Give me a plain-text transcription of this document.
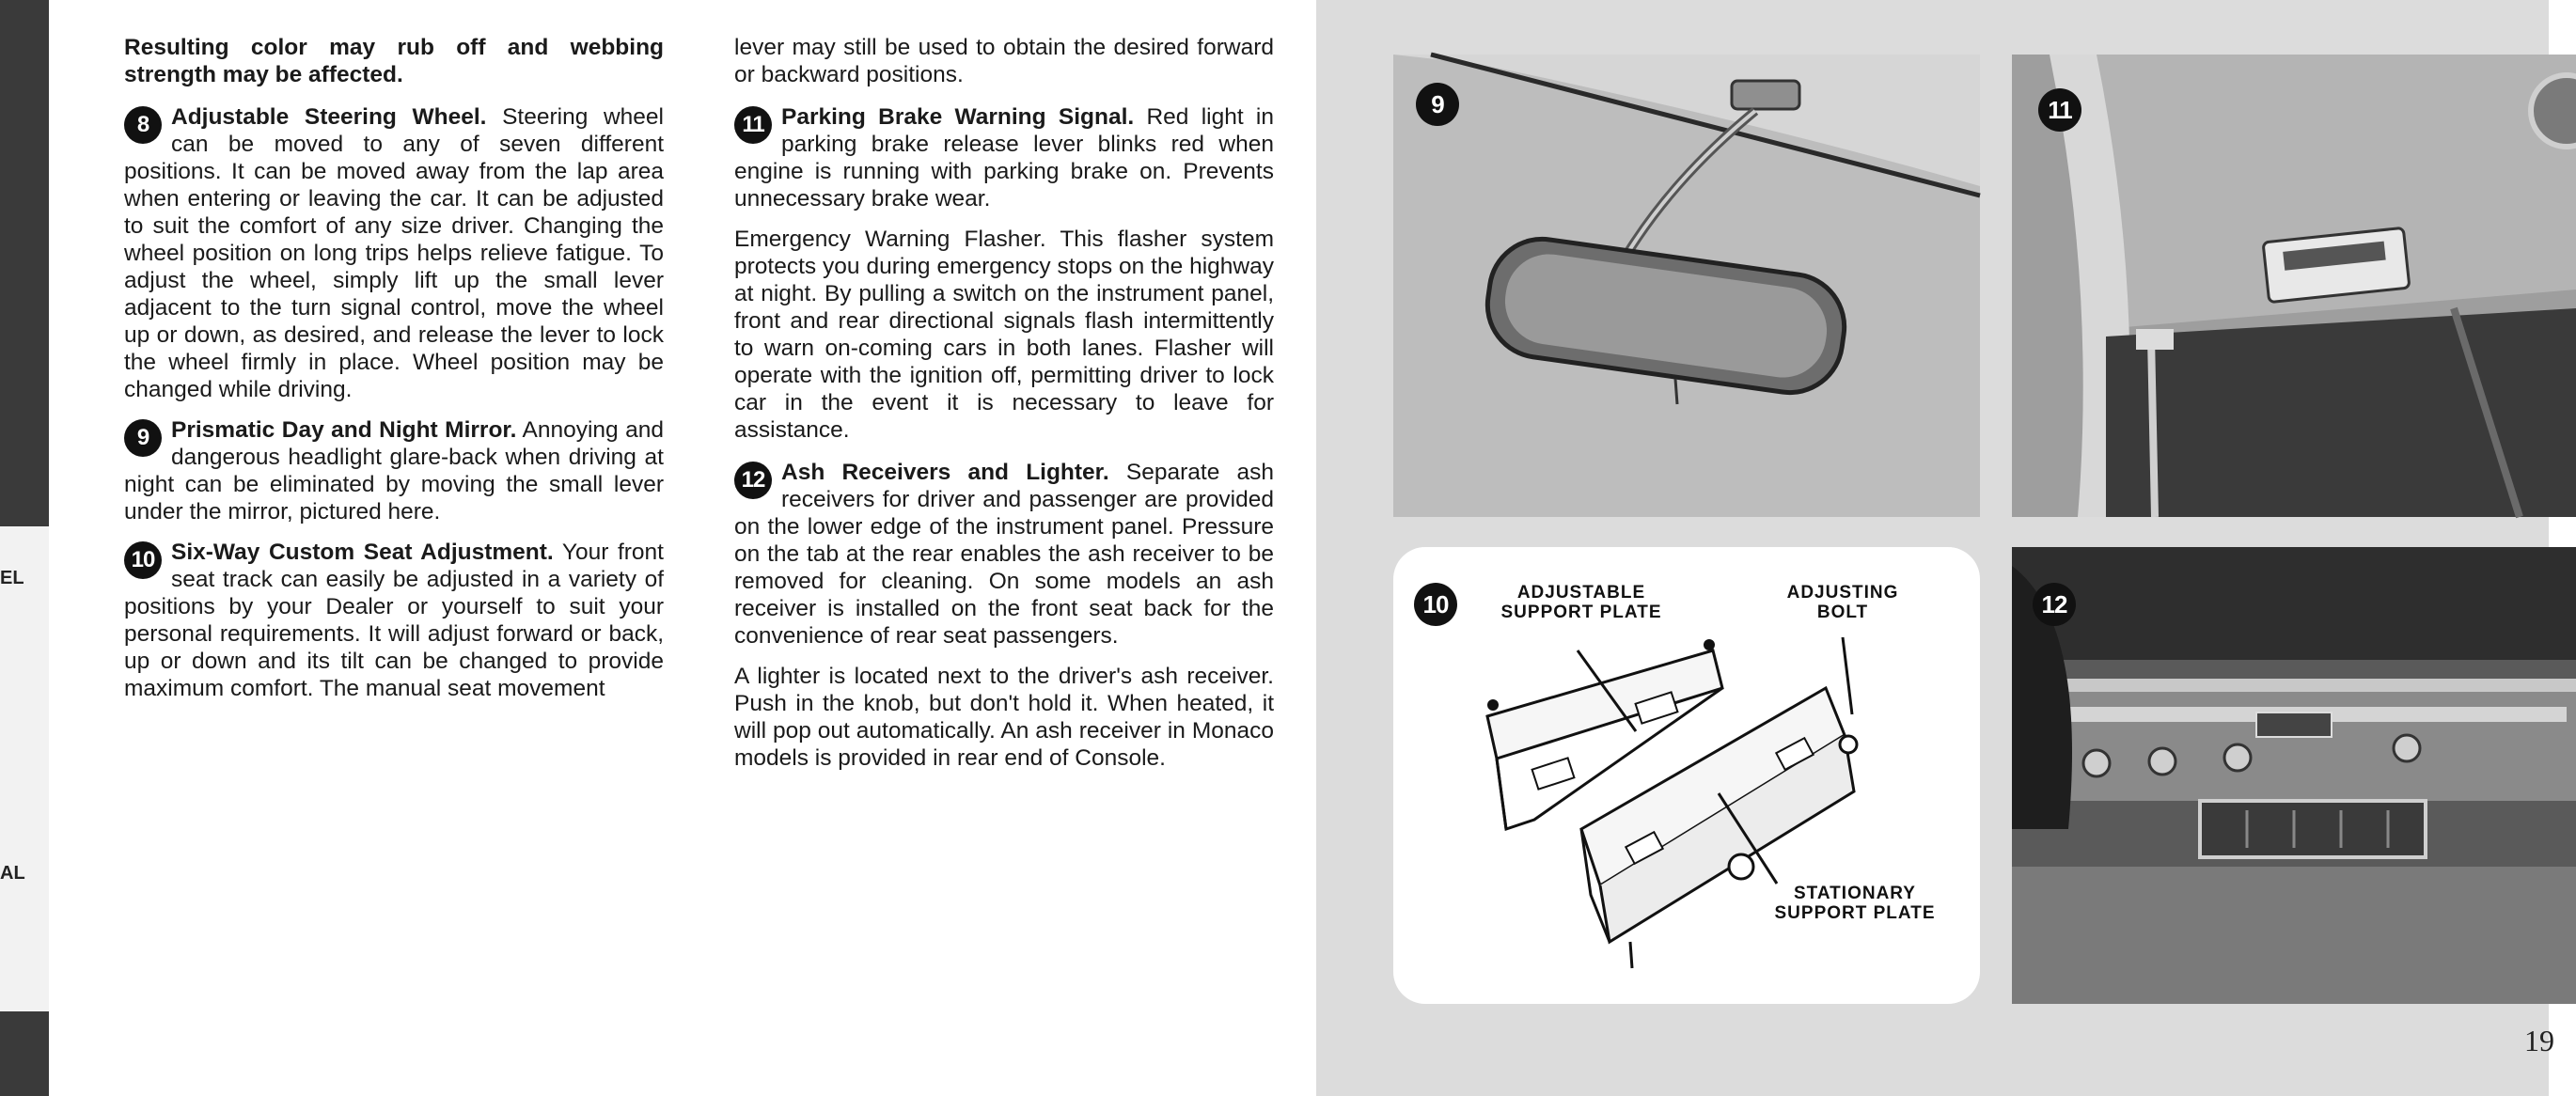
EL
AL

Resulting color may rub off and webbing strength may be affected.

8 Adjustable Steering Wheel. Steering wheel can be moved to any of seven different positions. It can be moved away from the lap area when entering or leaving the car. It can be adjusted to suit the comfort of any size driver. Changing the wheel position on long trips helps relieve fatigue. To adjust the wheel, simply lift up the small lever adjacent to the turn signal control, move the wheel up or down, as desired, and release the lever to lock the wheel firmly in place. Wheel position may be changed while driving.
9 Prismatic Day and Night Mirror. Annoying and dangerous headlight glare-back when driving at night can be eliminated by moving the small lever under the mirror, pictured here.
10 Six-Way Custom Seat Adjustment. Your front seat track can easily be adjusted in a variety of positions by your Dealer or yourself to suit your personal requirements. It will adjust forward or back, up or down and its tilt can be changed to provide maximum comfort. The manual seat movement

lever may still be used to obtain the desired forward or backward positions.

11 Parking Brake Warning Signal. Red light in parking brake release lever blinks red when engine is running with parking brake on. Prevents unnecessary brake wear.

Emergency Warning Flasher. This flasher system protects you during emergency stops on the highway at night. By pulling a switch on the instrument panel, front and rear directional signals flash intermittently to warn on-coming cars in both lanes. Flasher will operate with the ignition off, permitting driver to lock car in the event it is necessary to leave for assistance.

12 Ash Receivers and Lighter. Separate ash receivers for driver and passenger are provided on the lower edge of the instrument panel. Pressure on the tab at the rear enables the ash receiver to be removed for cleaning. On some models an ash receiver is installed on the front seat back for the convenience of rear seat passengers.

A lighter is located next to the driver's ash receiver. Push in the knob, but don't hold it. When heated, it will pop out automatically. An ash receiver in Monaco models is provided in rear end of Console.

9	11
10	ADJUSTABLE SUPPORT PLATE
ADJUSTING BOLT
STATIONARY SUPPORT PLATE
12
19
